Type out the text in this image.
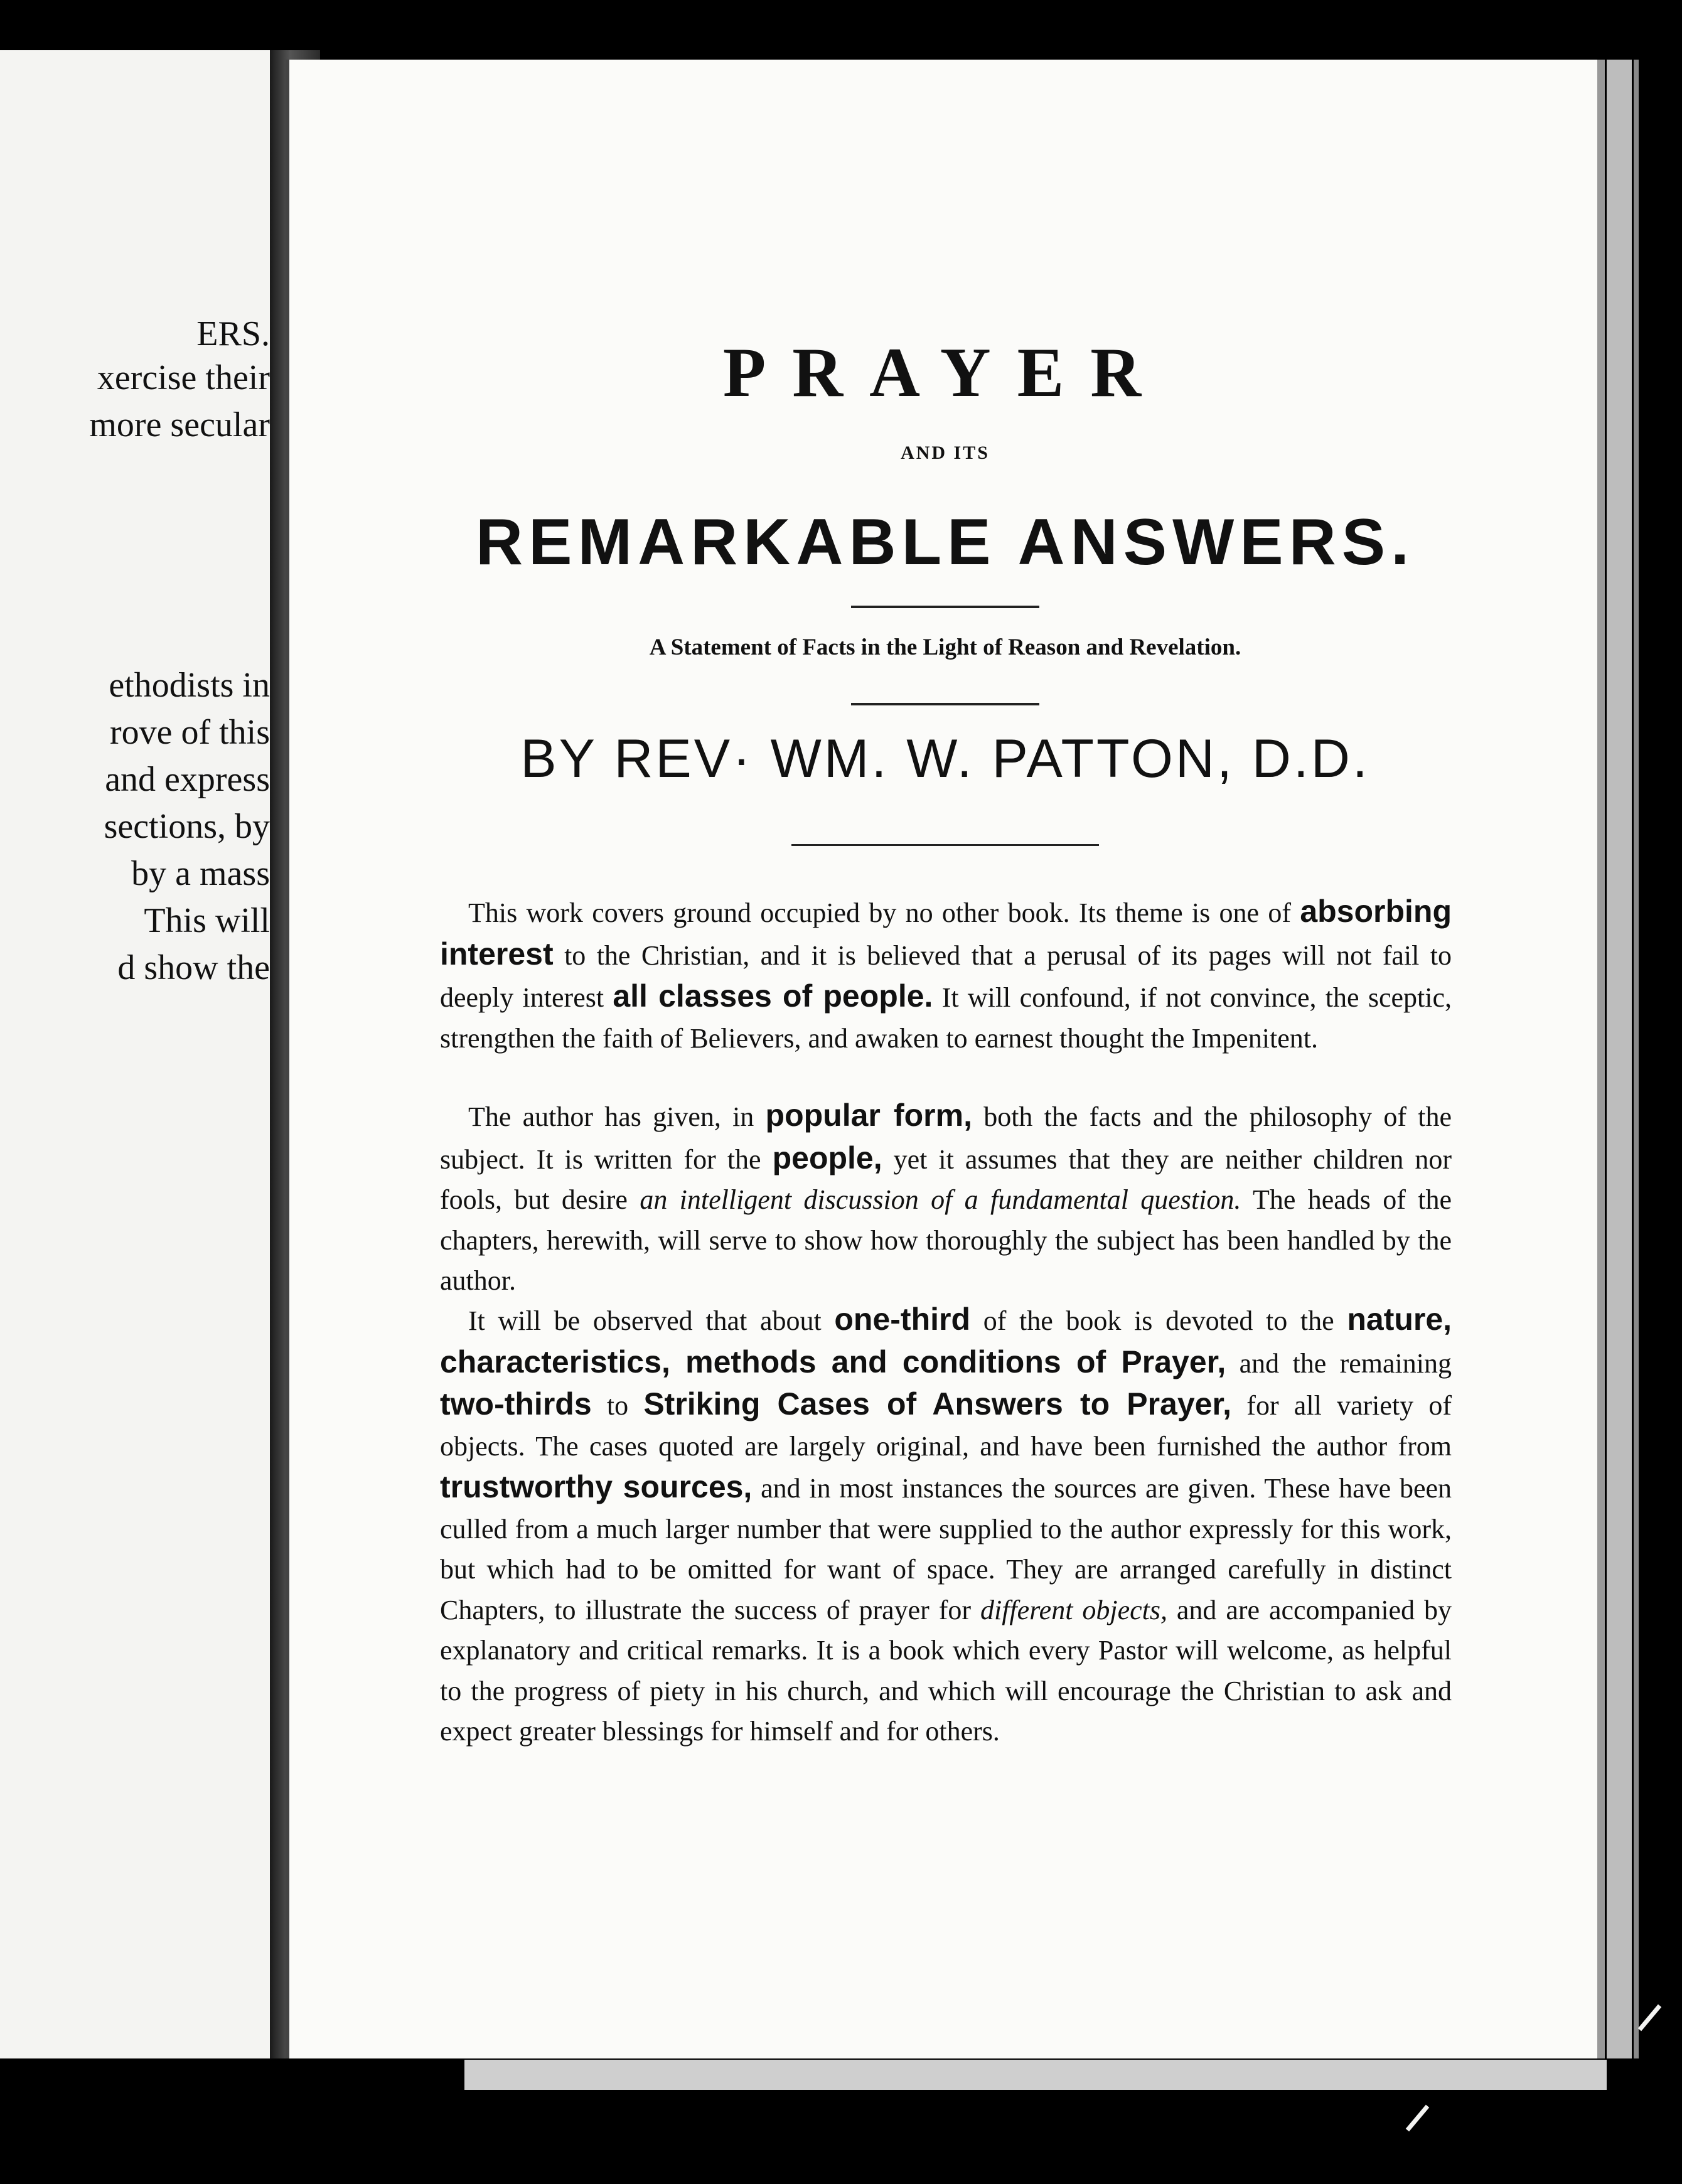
ERS.
xercise their
more secular
ethodists in
rove of this
and express
sections, by
by a mass
This will
d show the
PRAYER
AND ITS
REMARKABLE ANSWERS.
A Statement of Facts in the Light of Reason and Revelation.
BY REV· WM. W. PATTON, D.D.

This work covers ground occupied by no other book. Its theme is one of absorbing interest to the Christian, and it is believed that a perusal of its pages will not fail to deeply interest all classes of people. It will confound, if not convince, the sceptic, strengthen the faith of Believers, and awaken to earnest thought the Impenitent.

The author has given, in popular form, both the facts and the philosophy of the subject. It is written for the people, yet it assumes that they are neither children nor fools, but desire an intelligent discussion of a fundamental question. The heads of the chapters, herewith, will serve to show how thoroughly the subject has been handled by the author.

It will be observed that about one-third of the book is devoted to the nature, characteristics, methods and conditions of Prayer, and the remaining two-thirds to Striking Cases of Answers to Prayer, for all variety of objects. The cases quoted are largely original, and have been furnished the author from trustworthy sources, and in most instances the sources are given. These have been culled from a much larger number that were supplied to the author expressly for this work, but which had to be omitted for want of space. They are arranged carefully in distinct Chapters, to illustrate the success of prayer for different objects, and are accompanied by explanatory and critical remarks. It is a book which every Pastor will welcome, as helpful to the progress of piety in his church, and which will encourage the Christian to ask and expect greater blessings for himself and for others.
